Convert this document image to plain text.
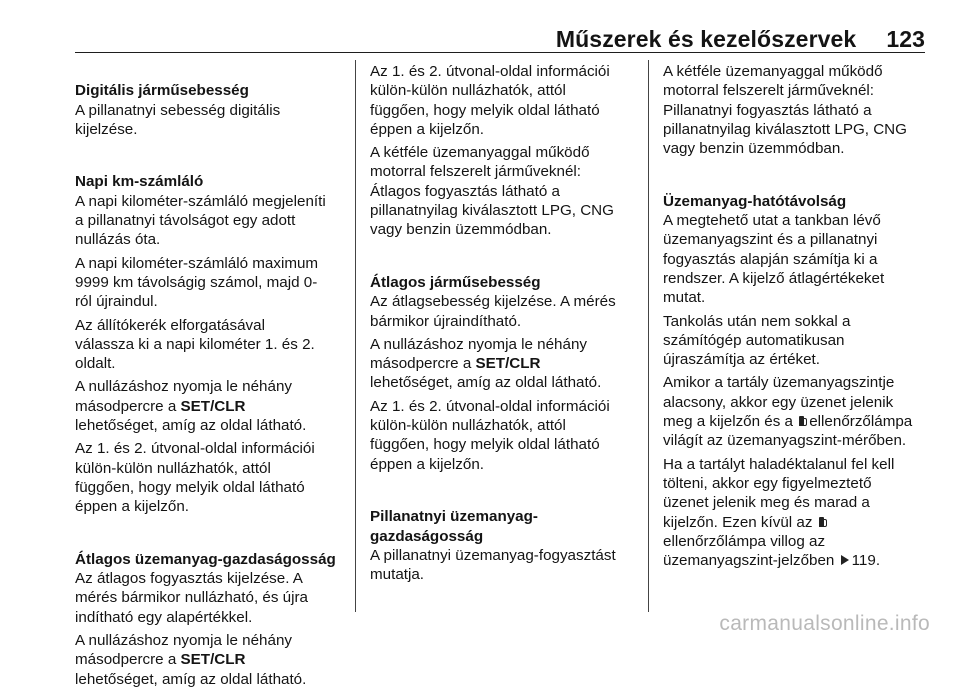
Műszerek és kezelőszervek 123

Digitális járműsebesség
A pillanatnyi sebesség digitális
kijelzése.

Napi km-számláló
A napi kilométer-számláló megjeleníti
a pillanatnyi távolságot egy adott
nullázás óta.

A napi kilométer-számláló maximum
9999 km távolságig számol, majd 0-
ról újraindul.
Az állítókerék elforgatásával
válassza ki a napi kilométer 1. és 2.
oldalt.
A nullázáshoz nyomja le néhány
másodpercre a SET/CLR
lehetőséget, amíg az oldal látható.
Az 1. és 2. útvonal-oldal információi
külön-külön nullázhatók, attól
függően, hogy melyik oldal látható
éppen a kijelzőn.

Átlagos üzemanyag-gazdaságosság
Az átlagos fogyasztás kijelzése. A
mérés bármikor nullázható, és újra
indítható egy alapértékkel.

A nullázáshoz nyomja le néhány
másodpercre a SET/CLR
lehetőséget, amíg az oldal látható.
Az 1. és 2. útvonal-oldal információi
külön-külön nullázhatók, attól
függően, hogy melyik oldal látható
éppen a kijelzőn.
A kétféle üzemanyaggal működő
motorral felszerelt járműveknél:
Átlagos fogyasztás látható a
pillanatnyilag kiválasztott LPG, CNG
vagy benzin üzemmódban.

Átlagos járműsebesség
Az átlagsebesség kijelzése. A mérés
bármikor újraindítható.

A nullázáshoz nyomja le néhány
másodpercre a SET/CLR
lehetőséget, amíg az oldal látható.
Az 1. és 2. útvonal-oldal információi
külön-külön nullázhatók, attól
függően, hogy melyik oldal látható
éppen a kijelzőn.

Pillanatnyi üzemanyag-
gazdaságosság
A pillanatnyi üzemanyag-fogyasztást
mutatja.

A kétféle üzemanyaggal működő
motorral felszerelt járműveknél:
Pillanatnyi fogyasztás látható a
pillanatnyilag kiválasztott LPG, CNG
vagy benzin üzemmódban.

Üzemanyag-hatótávolság
A megtehető utat a tankban lévő
üzemanyagszint és a pillanatnyi
fogyasztás alapján számítja ki a
rendszer. A kijelző átlagértékeket
mutat.

Tankolás után nem sokkal a
számítógép automatikusan
újraszámítja az értéket.
Amikor a tartály üzemanyagszintje
alacsony, akkor egy üzenet jelenik
meg a kijelzőn és a ellenőrzőlámpa
világít az üzemanyagszint-mérőben.
Ha a tartályt haladéktalanul fel kell
tölteni, akkor egy figyelmeztető
üzenet jelenik meg és marad a
kijelzőn. Ezen kívül az
ellenőrzőlámpa villog az
üzemanyagszint-jelzőben 119.
carmanualsonline.info
